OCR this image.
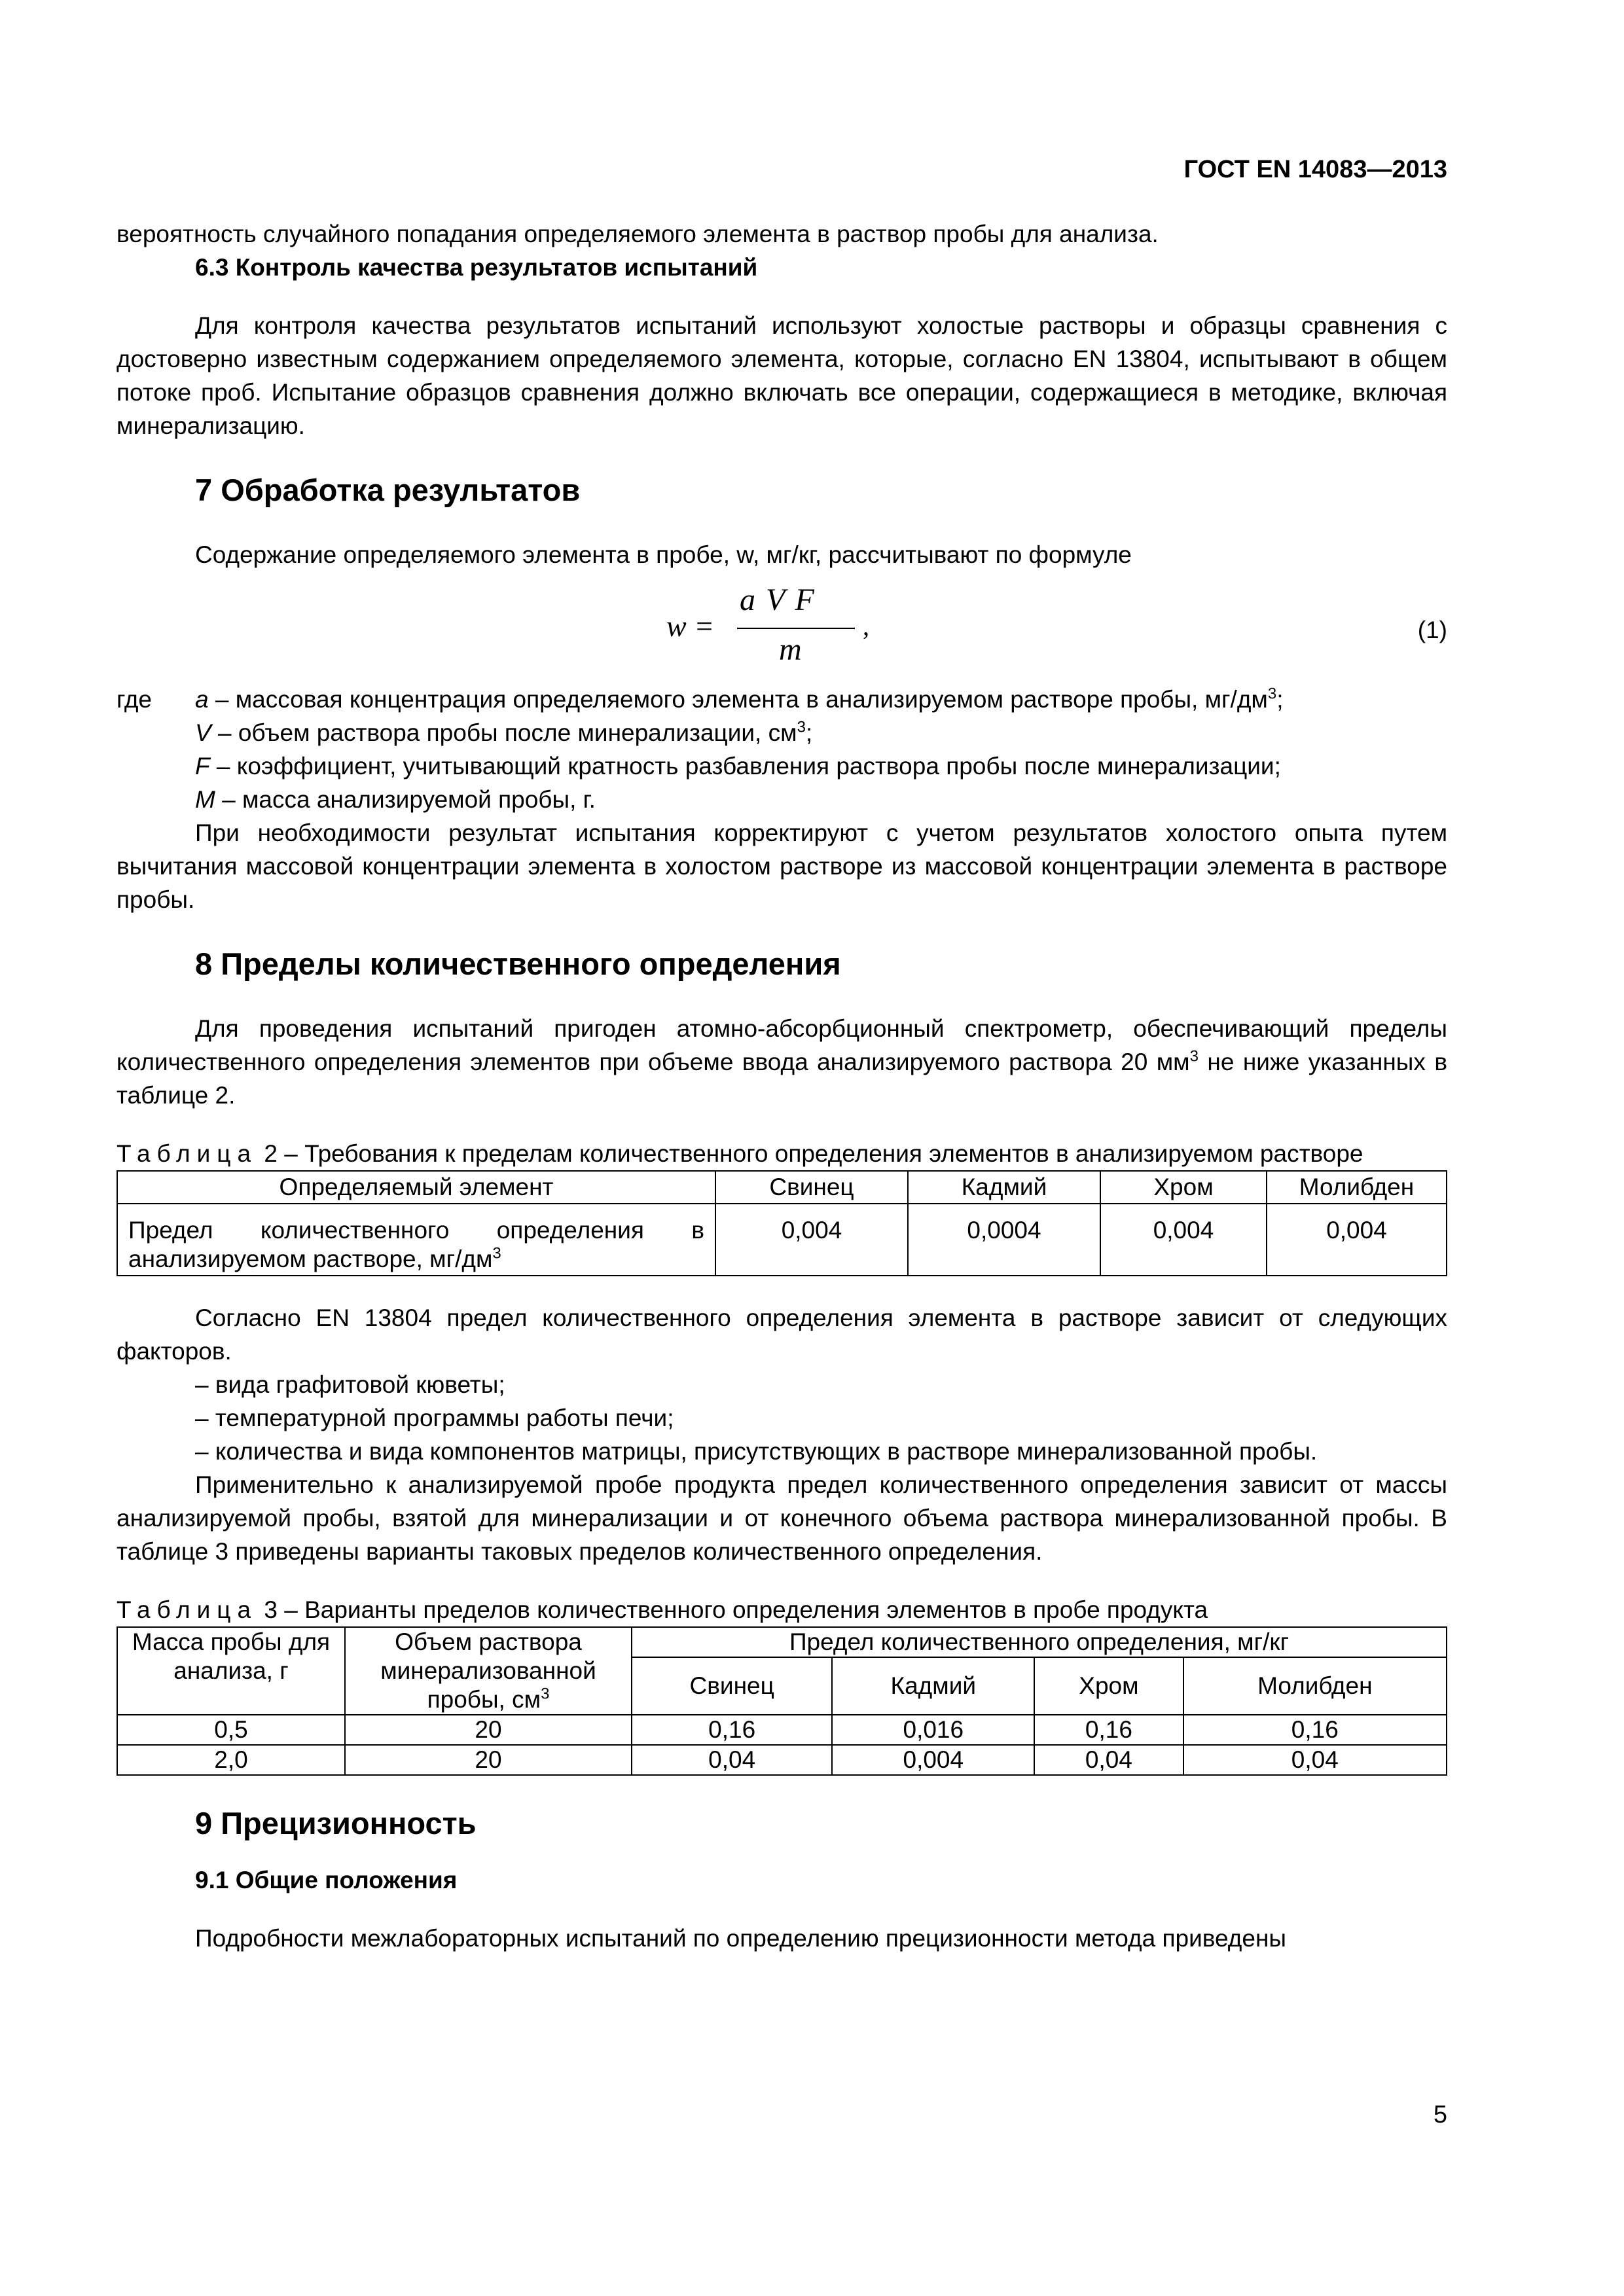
ГОСТ EN 14083—2013

вероятность случайного попадания определяемого элемента в раствор пробы для анализа.

6.3 Контроль качества результатов испытаний

Для контроля качества результатов испытаний используют холостые растворы и образцы сравнения с достоверно известным содержанием определяемого элемента, которые, согласно EN 13804, испытывают в общем потоке проб. Испытание образцов сравнения должно включать все операции, содержащиеся в методике, включая минерализацию.

7 Обработка результатов

Содержание определяемого элемента в пробе, w, мг/кг, рассчитывают по формуле

w =
a V F
m
,	(1)
где a – массовая концентрация определяемого элемента в анализируемом растворе пробы, $мг/дм^3$;

V – объем раствора пробы после минерализации, $см^3$;

F – коэффициент, учитывающий кратность разбавления раствора пробы после минерализации;

M – масса анализируемой пробы, г.

При необходимости результат испытания корректируют с учетом результатов холостого опыта путем вычитания массовой концентрации элемента в холостом растворе из массовой концентрации элемента в растворе пробы.

8 Пределы количественного определения

Для проведения испытаний пригоден атомно-абсорбционный спектрометр, обеспечивающий пределы количественного определения элементов при объеме ввода анализируемого раствора 20 $мм^3$ не ниже указанных в таблице 2.

Таблица 2 – Требования к пределам количественного определения элементов в анализируемом растворе

Определяемый элемент	Свинец	Кадмий	Хром	Молибден
Предел количественного определения в анализируемом растворе, $мг/дм^3$	0,004	0,0004	0,004	0,004

Согласно EN 13804 предел количественного определения элемента в растворе зависит от следующих факторов.

– вида графитовой кюветы;

– температурной программы работы печи;

– количества и вида компонентов матрицы, присутствующих в растворе минерализованной пробы.

Применительно к анализируемой пробе продукта предел количественного определения зависит от массы анализируемой пробы, взятой для минерализации и от конечного объема раствора минерализованной пробы. В таблице 3 приведены варианты таковых пределов количественного определения.

Таблица 3 – Варианты пределов количественного определения элементов в пробе продукта

Масса пробы для анализа, г	Объем раствора минерализованной пробы, $см^3$	Предел количественного определения, мг/кг			
		Свинец	Кадмий	Хром	Молибден
0,5	20	0,16	0,016	0,16	0,16
2,0	20	0,04	0,004	0,04	0,04
9 Прецизионность
9.1 Общие положения

Подробности межлабораторных испытаний по определению прецизионности метода приведены

5
